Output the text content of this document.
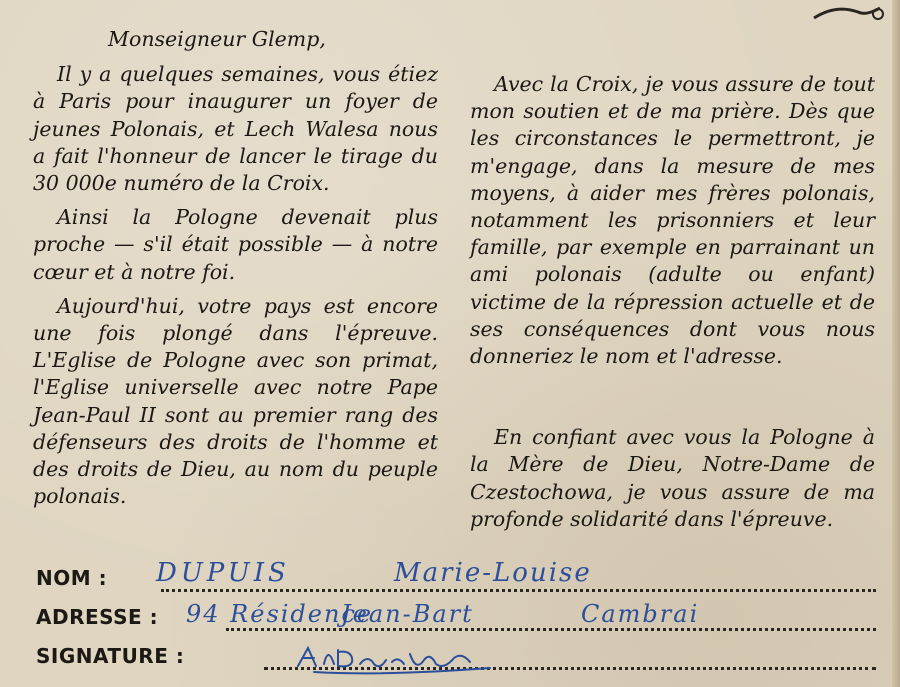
Monseigneur Glemp,

Il y a quelques semaines, vous étiez à Paris pour inaugurer un foyer de jeunes Polonais, et Lech Walesa nous a fait l'honneur de lancer le tirage du 30 000e numéro de la Croix.

Ainsi la Pologne devenait plus proche — s'il était possible — à notre cœur et à notre foi.

Aujourd'hui, votre pays est encore une fois plongé dans l'épreuve. L'Eglise de Pologne avec son primat, l'Eglise universelle avec notre Pape Jean-Paul II sont au premier rang des défenseurs des droits de l'homme et des droits de Dieu, au nom du peuple polonais.

Avec la Croix, je vous assure de tout mon soutien et de ma prière. Dès que les circonstances le permettront, je m'engage, dans la mesure de mes moyens, à aider mes frères polonais, notamment les prisonniers et leur famille, par exemple en parrainant un ami polonais (adulte ou enfant) victime de la répression actuelle et de ses conséquences dont vous nous donneriez le nom et l'adresse.

En confiant avec vous la Pologne à la Mère de Dieu, Notre-Dame de Czestochowa, je vous assure de ma profonde solidarité dans l'épreuve.

NOM : DUPUIS	Marie-Louise
ADRESSE : 94 Résidence
Jean-Bart	Cambrai
SIGNATURE :
